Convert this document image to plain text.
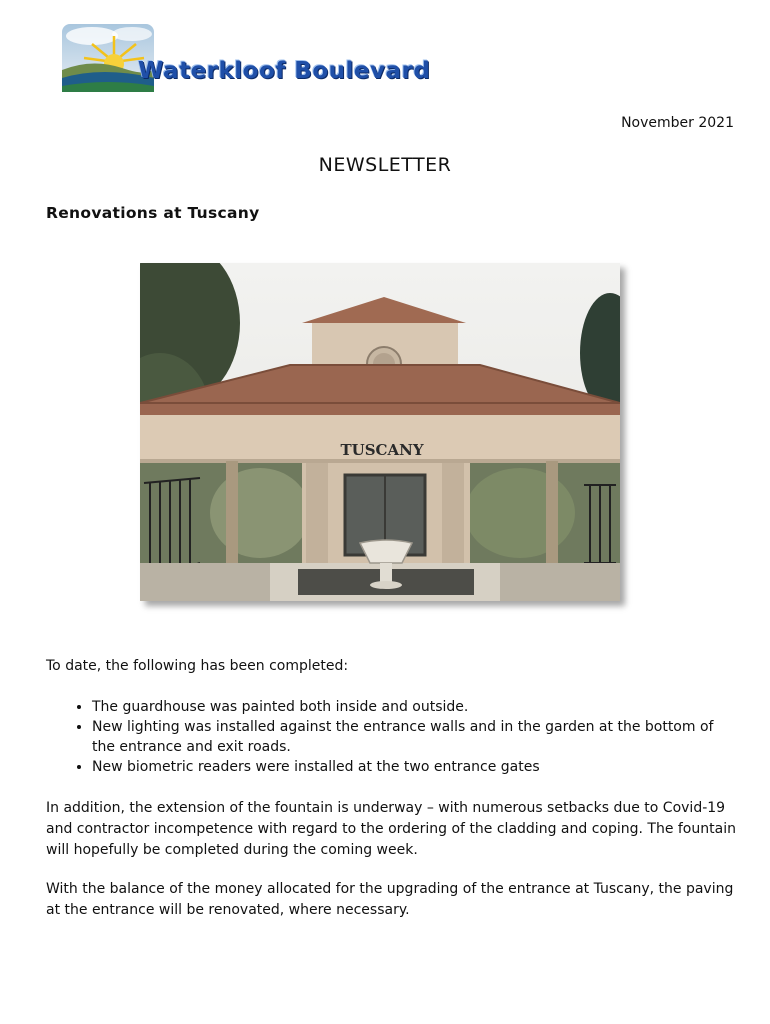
Waterkloof Boulevard
November 2021
NEWSLETTER
Renovations at Tuscany
TUSCANY

To date, the following has been completed:

• The guardhouse was painted both inside and outside.
• New lighting was installed against the entrance walls and in the garden at the bottom of the entrance and exit roads.
• New biometric readers were installed at the two entrance gates

In addition, the extension of the fountain is underway – with numerous setbacks due to Covid-19 and contractor incompetence with regard to the ordering of the cladding and coping. The fountain will hopefully be completed during the coming week.

With the balance of the money allocated for the upgrading of the entrance at Tuscany, the paving at the entrance will be renovated, where necessary.
